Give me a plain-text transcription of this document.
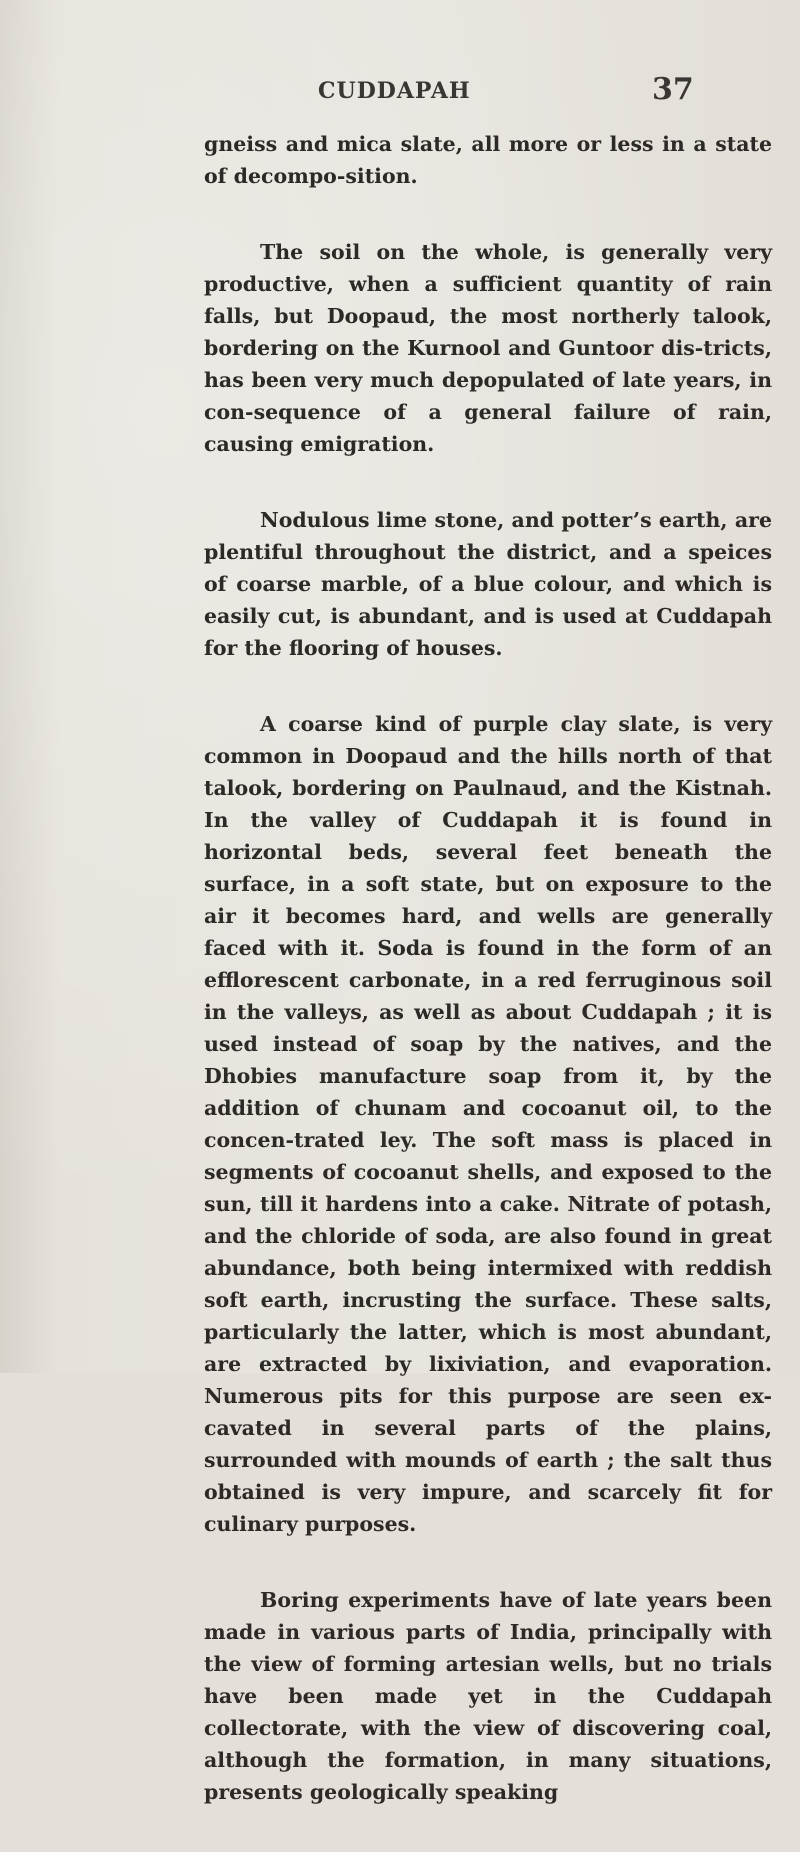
CUDDAPAH	37

gneiss and mica slate, all more or less in a state of decompo-sition.

The soil on the whole, is generally very productive, when a sufficient quantity of rain falls, but Doopaud, the most northerly talook, bordering on the Kurnool and Guntoor dis-tricts, has been very much depopulated of late years, in con-sequence of a general failure of rain, causing emigration.

Nodulous lime stone, and potter’s earth, are plentiful throughout the district, and a speices of coarse marble, of a blue colour, and which is easily cut, is abundant, and is used at Cuddapah for the flooring of houses.

A coarse kind of purple clay slate, is very common in Doopaud and the hills north of that talook, bordering on Paulnaud, and the Kistnah. In the valley of Cuddapah it is found in horizontal beds, several feet beneath the surface, in a soft state, but on exposure to the air it becomes hard, and wells are generally faced with it. Soda is found in the form of an efflorescent carbonate, in a red ferruginous soil in the valleys, as well as about Cuddapah ; it is used instead of soap by the natives, and the Dhobies manufacture soap from it, by the addition of chunam and cocoanut oil, to the concen-trated ley. The soft mass is placed in segments of cocoanut shells, and exposed to the sun, till it hardens into a cake. Nitrate of potash, and the chloride of soda, are also found in great abundance, both being intermixed with reddish soft earth, incrusting the surface. These salts, particularly the latter, which is most abundant, are extracted by lixiviation, and evaporation. Numerous pits for this purpose are seen ex-cavated in several parts of the plains, surrounded with mounds of earth ; the salt thus obtained is very impure, and scarcely fit for culinary purposes.

Boring experiments have of late years been made in various parts of India, principally with the view of forming artesian wells, but no trials have been made yet in the Cuddapah collectorate, with the view of discovering coal, although the formation, in many situations, presents geologically speaking
